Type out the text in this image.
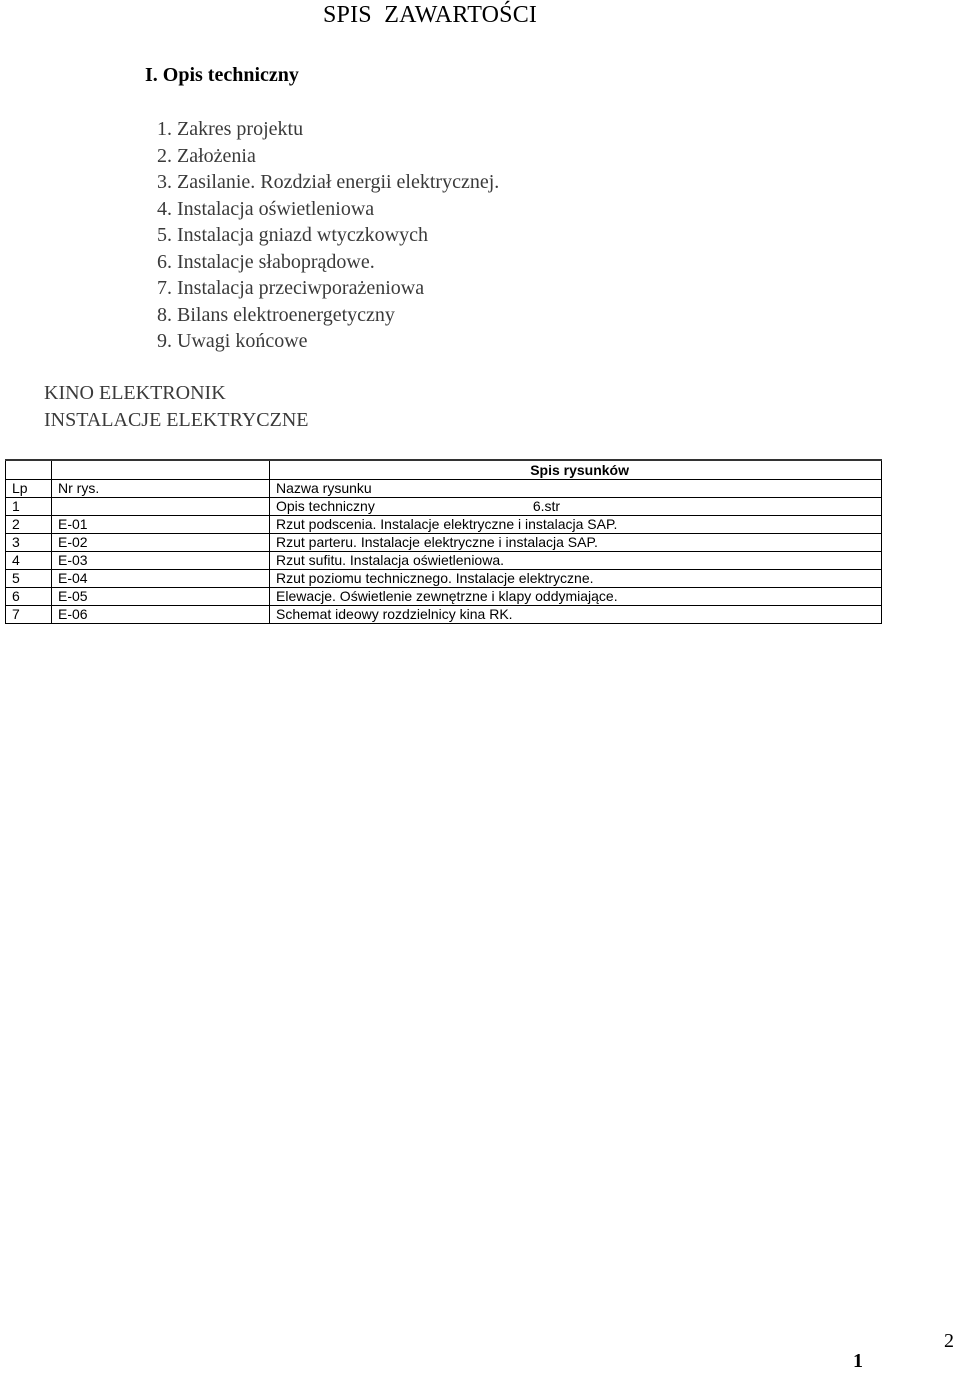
SPIS  ZAWARTOŚCI
I. Opis techniczny
1. Zakres projektu
2. Założenia
3. Zasilanie. Rozdział energii elektrycznej.
4. Instalacja oświetleniowa
5. Instalacja gniazd wtyczkowych
6. Instalacje słaboprądowe.
7. Instalacja przeciwporażeniowa
8. Bilans elektroenergetyczny
9. Uwagi końcowe
KINO ELEKTRONIK
INSTALACJE ELEKTRYCZNE
		Spis rysunków
Lp	Nr rys.	Nazwa rysunku
1		Opis techniczny 6.str
2	E-01	Rzut podscenia. Instalacje elektryczne i instalacja SAP.
3	E-02	Rzut parteru. Instalacje elektryczne i instalacja SAP.
4	E-03	Rzut sufitu. Instalacja oświetleniowa.
5	E-04	Rzut poziomu technicznego. Instalacje elektryczne.
6	E-05	Elewacje. Oświetlenie zewnętrzne i klapy oddymiające.
7	E-06	Schemat ideowy rozdzielnicy kina RK.
1
2
